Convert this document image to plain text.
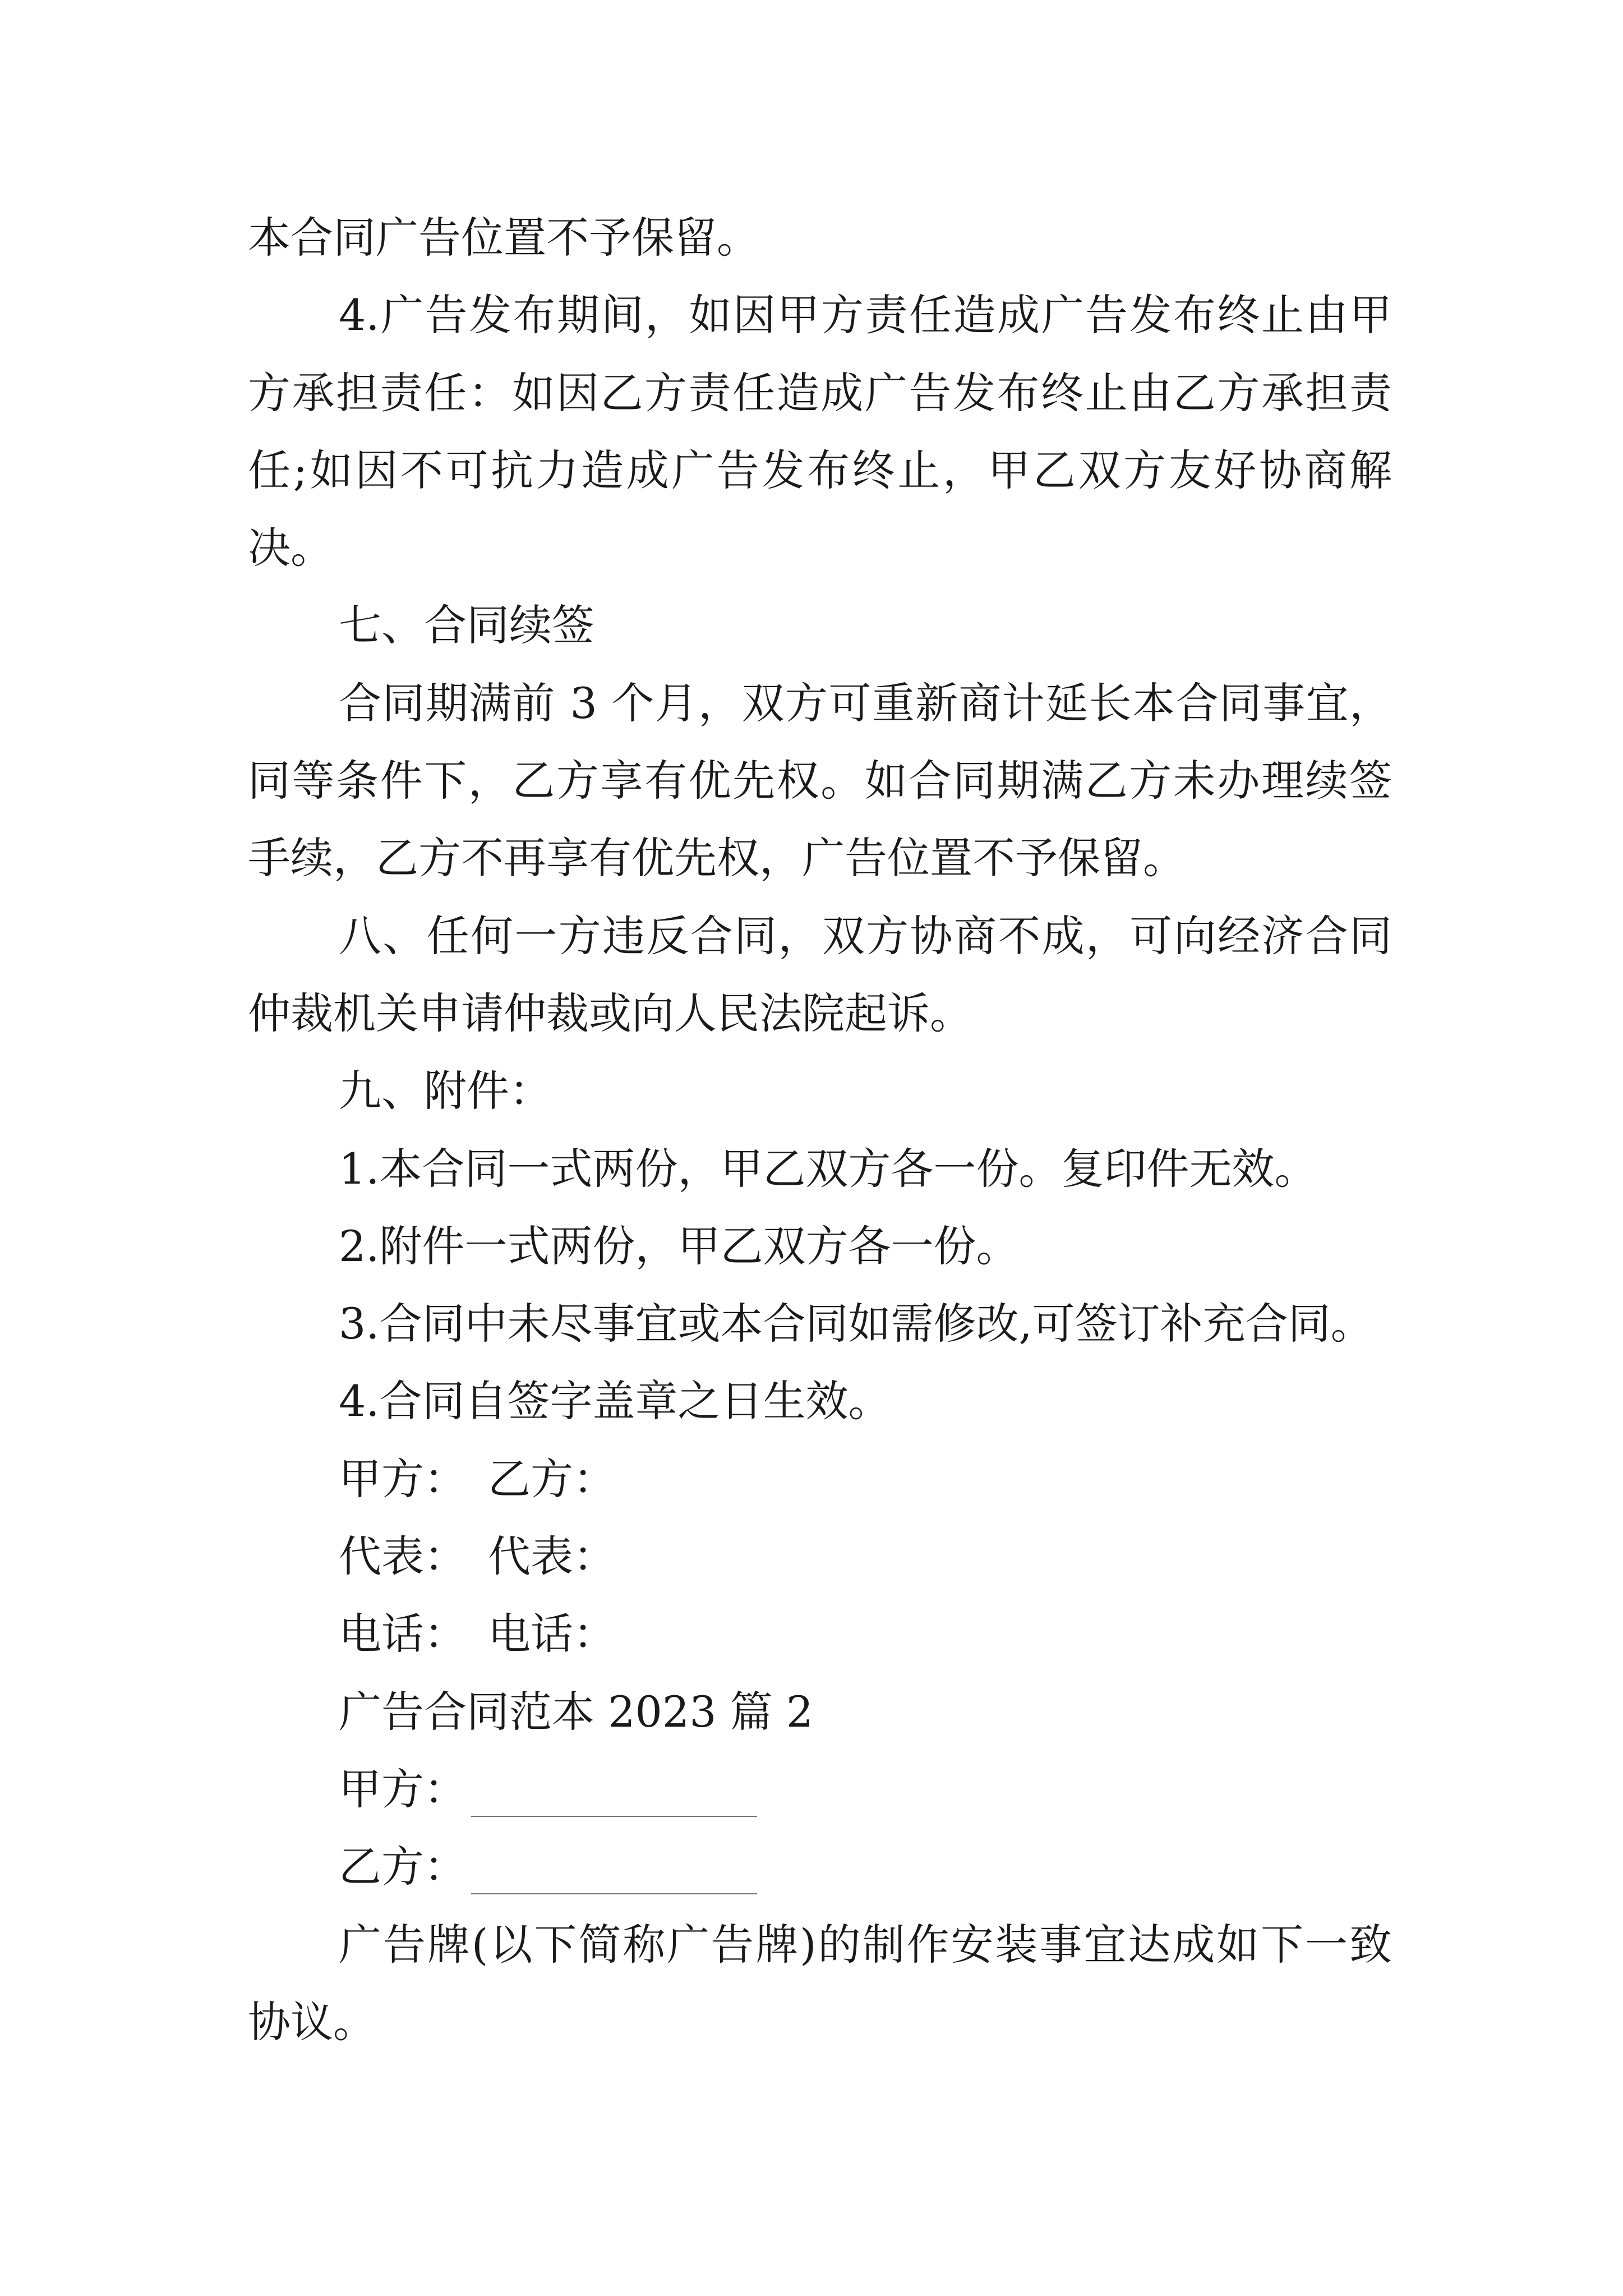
本合同广告位置不予保留。
4.广告发布期间，如因甲方责任造成广告发布终止由甲
方承担责任：如因乙方责任造成广告发布终止由乙方承担责
任;如因不可抗力造成广告发布终止，甲乙双方友好协商解
决。
七、合同续签
合同期满前 3 个月，双方可重新商计延长本合同事宜，
同等条件下，乙方享有优先权。如合同期满乙方未办理续签
手续，乙方不再享有优先权，广告位置不予保留。
八、任何一方违反合同，双方协商不成，可向经济合同
仲裁机关申请仲裁或向人民法院起诉。
九、附件：
1.本合同一式两份，甲乙双方各一份。复印件无效。
2.附件一式两份，甲乙双方各一份。
3.合同中未尽事宜或本合同如需修改,可签订补充合同。
4.合同自签字盖章之日生效。
甲方：　乙方：
代表：　代表：
电话：　电话：
广告合同范本 2023 篇 2
甲方：
乙方：
广告牌(以下简称广告牌)的制作安装事宜达成如下一致
协议。
